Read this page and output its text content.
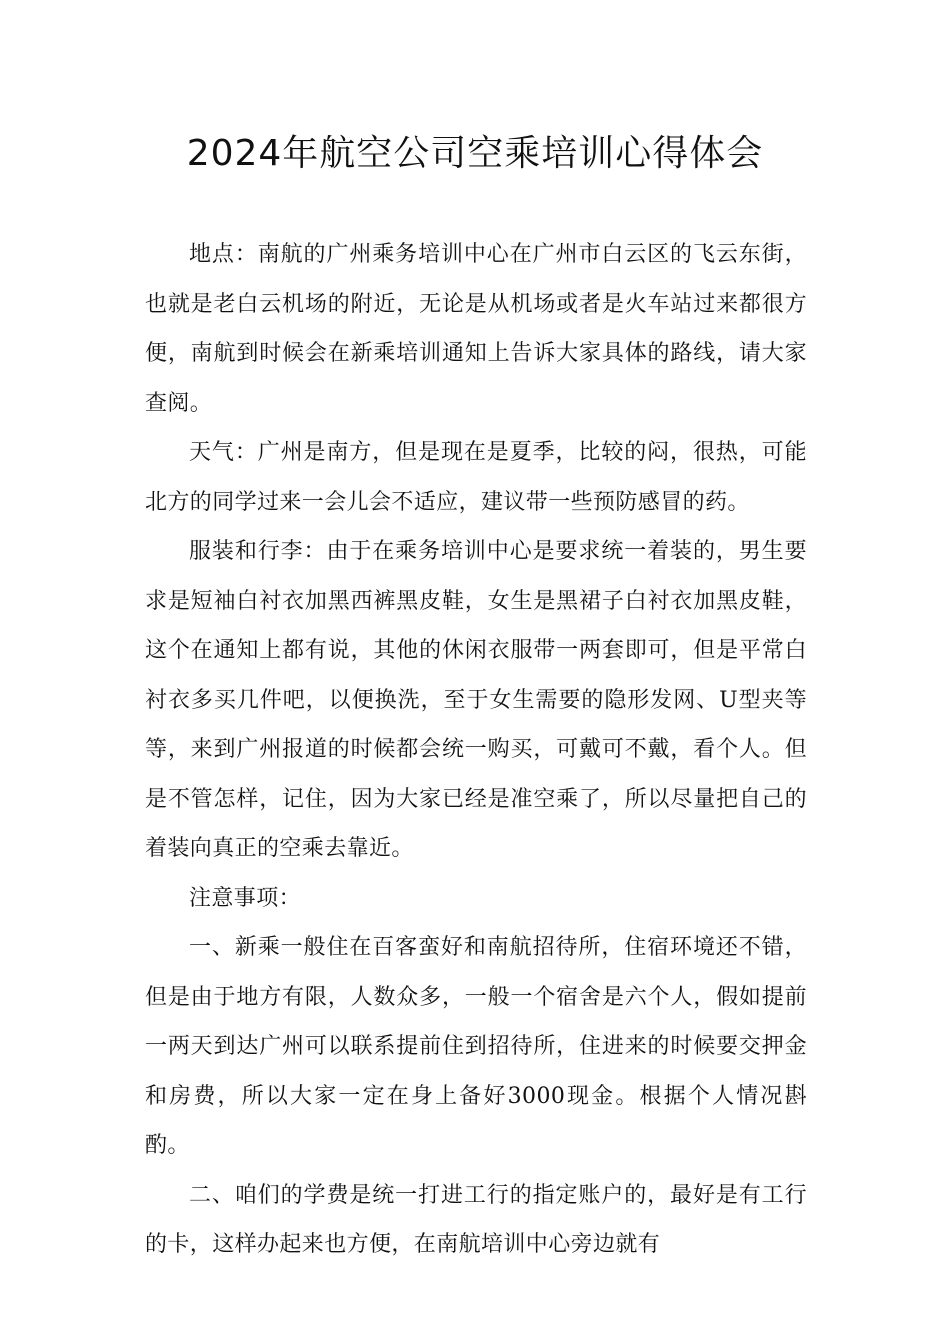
2024年航空公司空乘培训心得体会

地点：南航的广州乘务培训中心在广州市白云区的飞云东街，也就是老白云机场的附近，无论是从机场或者是火车站过来都很方便，南航到时候会在新乘培训通知上告诉大家具体的路线，请大家查阅。

天气：广州是南方，但是现在是夏季，比较的闷，很热，可能北方的同学过来一会儿会不适应，建议带一些预防感冒的药。

服装和行李：由于在乘务培训中心是要求统一着装的，男生要求是短袖白衬衣加黑西裤黑皮鞋，女生是黑裙子白衬衣加黑皮鞋，这个在通知上都有说，其他的休闲衣服带一两套即可，但是平常白衬衣多买几件吧，以便换洗，至于女生需要的隐形发网、U型夹等等，来到广州报道的时候都会统一购买，可戴可不戴，看个人。但是不管怎样，记住，因为大家已经是准空乘了，所以尽量把自己的着装向真正的空乘去靠近。

注意事项：

一、新乘一般住在百客蛮好和南航招待所，住宿环境还不错，但是由于地方有限，人数众多，一般一个宿舍是六个人，假如提前一两天到达广州可以联系提前住到招待所，住进来的时候要交押金和房费，所以大家一定在身上备好3000现金。根据个人情况斟酌。

二、咱们的学费是统一打进工行的指定账户的，最好是有工行的卡，这样办起来也方便，在南航培训中心旁边就有
